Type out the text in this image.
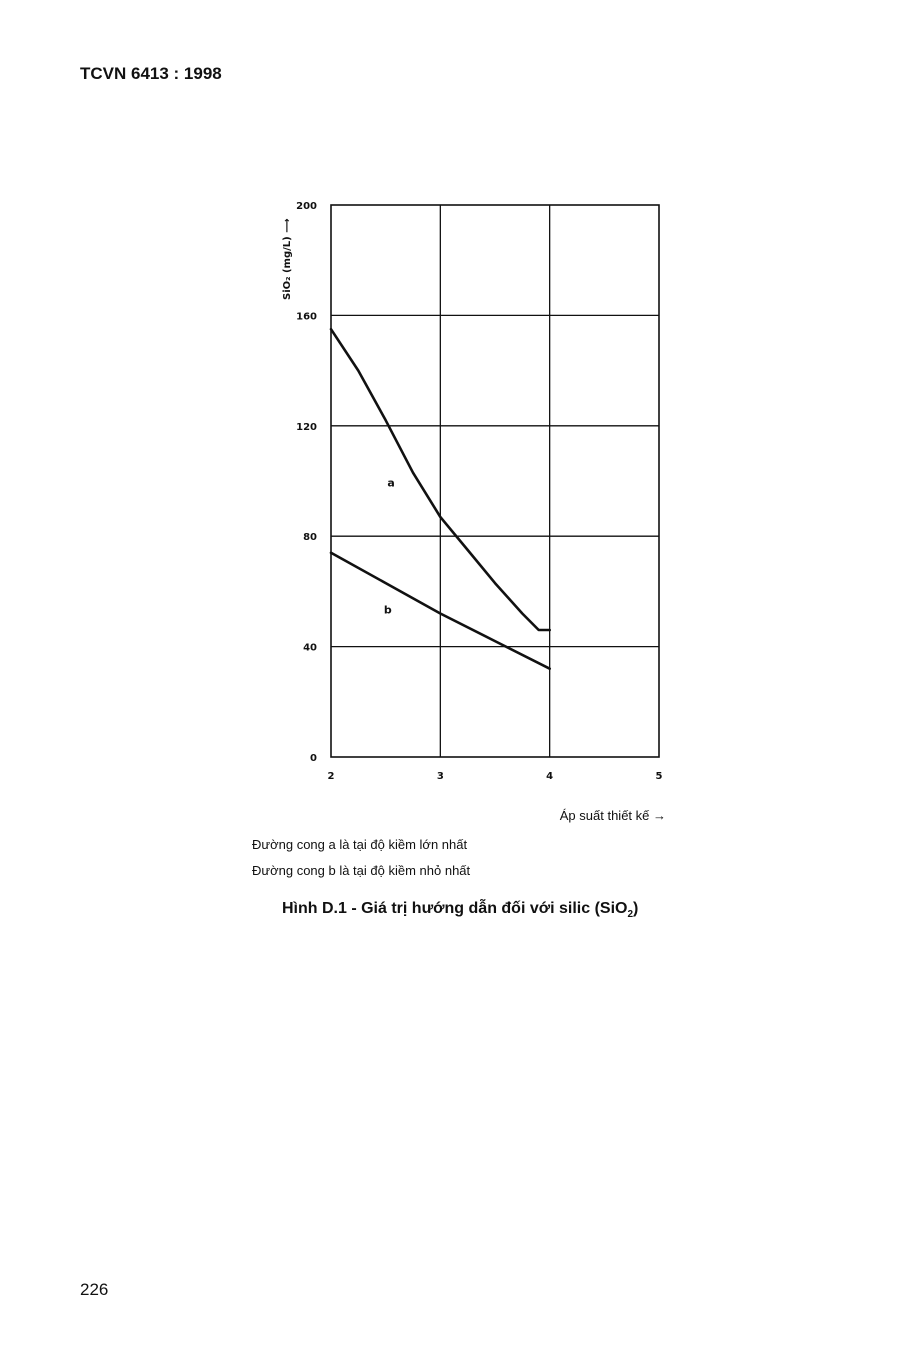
TCVN 6413 : 1998
2	3	4	5
0
40
80
120
160
200
a
b
SiO₂ (mg/L) ⟶
Áp suất thiết kế →
Đường cong a là tại độ kiềm lớn nhất
Đường cong b là tại độ kiềm nhỏ nhất
Hình D.1 - Giá trị hướng dẫn đối với silic (SiO$_2$)
226
